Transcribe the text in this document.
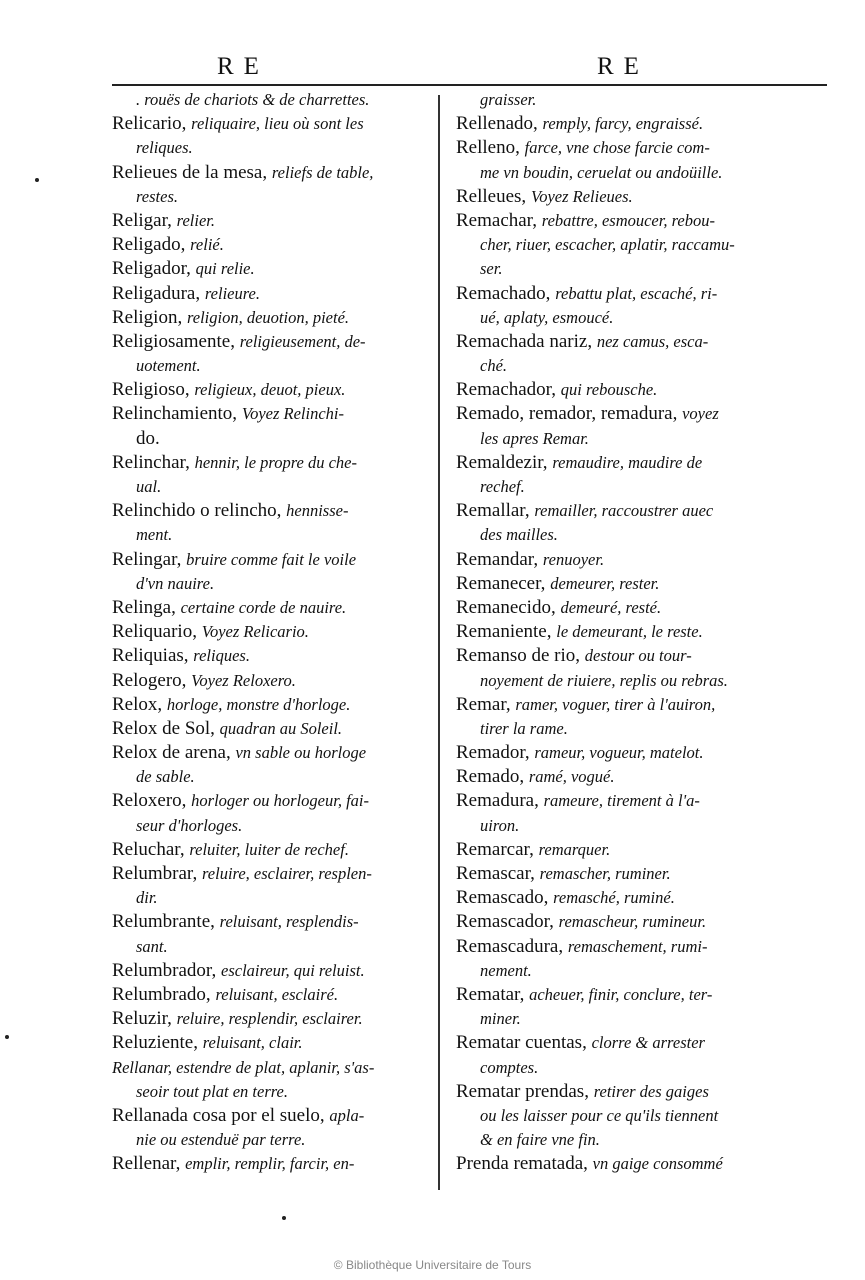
RE	RE
. rouës de chariots & de charrettes.
Relicario, reliquaire, lieu où sont les
reliques.
Relieues de la mesa, reliefs de table,
restes.
Religar, relier.
Religado, relié.
Religador, qui relie.
Religadura, relieure.
Religion, religion, deuotion, pieté.
Religiosamente, religieusement, de-
uotement.
Religioso, religieux, deuot, pieux.
Relinchamiento, Voyez Relinchi-
do.
Relinchar, hennir, le propre du che-
ual.
Relinchido o relincho, hennisse-
ment.
Relingar, bruire comme fait le voile
d'vn nauire.
Relinga, certaine corde de nauire.
Reliquario, Voyez Relicario.
Reliquias, reliques.
Relogero, Voyez Reloxero.
Relox, horloge, monstre d'horloge.
Relox de Sol, quadran au Soleil.
Relox de arena, vn sable ou horloge
de sable.
Reloxero, horloger ou horlogeur, fai-
seur d'horloges.
Reluchar, reluiter, luiter de rechef.
Relumbrar, reluire, esclairer, resplen-
dir.
Relumbrante, reluisant, resplendis-
sant.
Relumbrador, esclaireur, qui reluist.
Relumbrado, reluisant, esclairé.
Reluzir, reluire, resplendir, esclairer.
Reluziente, reluisant, clair.
Rellanar, estendre de plat, aplanir, s'as-
seoir tout plat en terre.
Rellanada cosa por el suelo, apla-
nie ou estenduë par terre.
Rellenar, emplir, remplir, farcir, en-
graisser.
Rellenado, remply, farcy, engraissé.
Relleno, farce, vne chose farcie com-
me vn boudin, ceruelat ou andoüille.
Relleues, Voyez Relieues.
Remachar, rebattre, esmoucer, rebou-
cher, riuer, escacher, aplatir, raccamu-
ser.
Remachado, rebattu plat, escaché, ri-
ué, aplaty, esmoucé.
Remachada nariz, nez camus, esca-
ché.
Remachador, qui rebousche.
Remado, remador, remadura, voyez
les apres Remar.
Remaldezir, remaudire, maudire de
rechef.
Remallar, remailler, raccoustrer auec
des mailles.
Remandar, renuoyer.
Remanecer, demeurer, rester.
Remanecido, demeuré, resté.
Remaniente, le demeurant, le reste.
Remanso de rio, destour ou tour-
noyement de riuiere, replis ou rebras.
Remar, ramer, voguer, tirer à l'auiron,
tirer la rame.
Remador, rameur, vogueur, matelot.
Remado, ramé, vogué.
Remadura, rameure, tirement à l'a-
uiron.
Remarcar, remarquer.
Remascar, remascher, ruminer.
Remascado, remasché, ruminé.
Remascador, remascheur, rumineur.
Remascadura, remaschement, rumi-
nement.
Rematar, acheuer, finir, conclure, ter-
miner.
Rematar cuentas, clorre & arrester
comptes.
Rematar prendas, retirer des gaiges
ou les laisser pour ce qu'ils tiennent
& en faire vne fin.
Prenda rematada, vn gaige consommé
© Bibliothèque Universitaire de Tours
